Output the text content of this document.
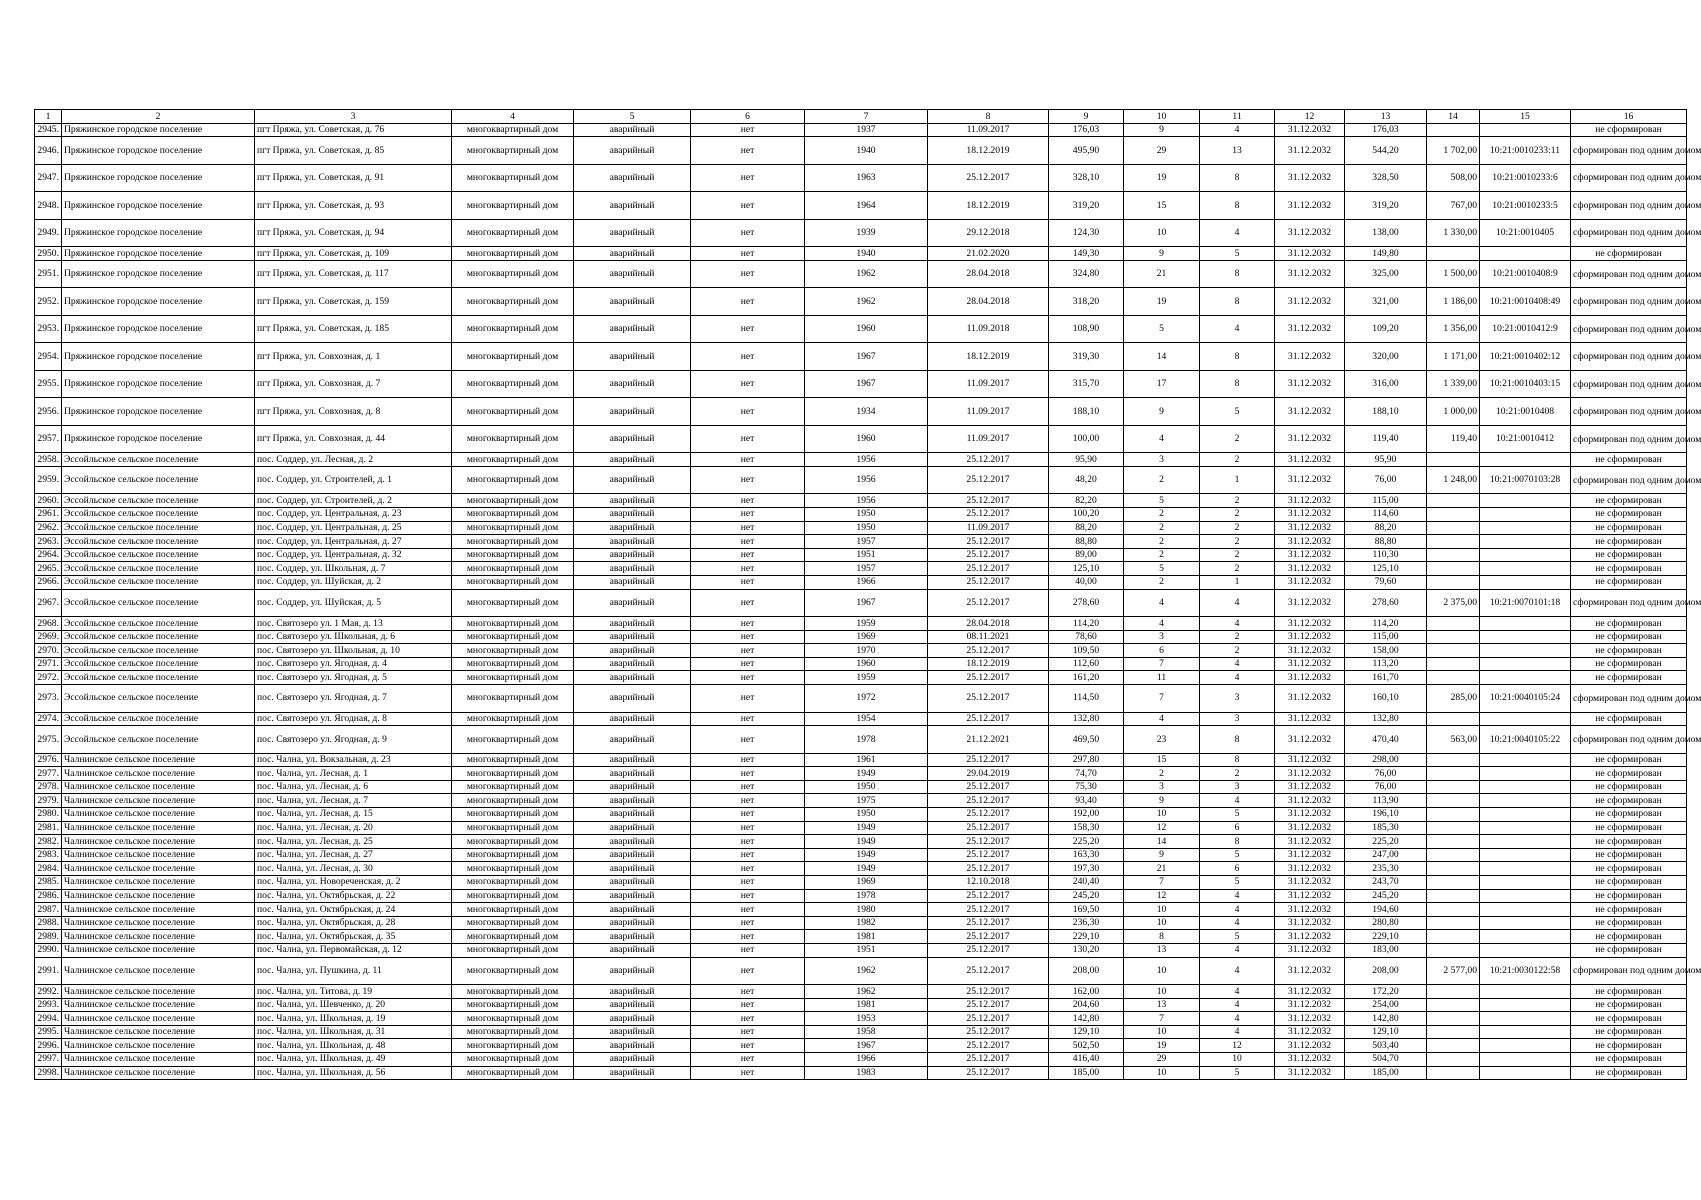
1	2	3	4	5	6	7	8	9	10	11	12	13	14	15	16
2945.	Пряжинское городское поселение	пгт Пряжа, ул. Советская, д. 76	многоквартирный дом	аварийный	нет	1937	11.09.2017	176,03	9	4	31.12.2032	176,03			не сформирован
2946.	Пряжинское городское поселение	пгт Пряжа, ул. Советская, д. 85	многоквартирный дом	аварийный	нет	1940	18.12.2019	495,90	29	13	31.12.2032	544,20	1 702,00	10:21:0010233:11	сформирован под одним домом
2947.	Пряжинское городское поселение	пгт Пряжа, ул. Советская, д. 91	многоквартирный дом	аварийный	нет	1963	25.12.2017	328,10	19	8	31.12.2032	328,50	508,00	10:21:0010233:6	сформирован под одним домом
2948.	Пряжинское городское поселение	пгт Пряжа, ул. Советская, д. 93	многоквартирный дом	аварийный	нет	1964	18.12.2019	319,20	15	8	31.12.2032	319,20	767,00	10:21:0010233:5	сформирован под одним домом
2949.	Пряжинское городское поселение	пгт Пряжа, ул. Советская, д. 94	многоквартирный дом	аварийный	нет	1939	29.12.2018	124,30	10	4	31.12.2032	138,00	1 330,00	10:21:0010405	сформирован под одним домом
2950.	Пряжинское городское поселение	пгт Пряжа, ул. Советская, д. 109	многоквартирный дом	аварийный	нет	1940	21.02.2020	149,30	9	5	31.12.2032	149,80			не сформирован
2951.	Пряжинское городское поселение	пгт Пряжа, ул. Советская, д. 117	многоквартирный дом	аварийный	нет	1962	28.04.2018	324,80	21	8	31.12.2032	325,00	1 500,00	10:21:0010408:9	сформирован под одним домом
2952.	Пряжинское городское поселение	пгт Пряжа, ул. Советская, д. 159	многоквартирный дом	аварийный	нет	1962	28.04.2018	318,20	19	8	31.12.2032	321,00	1 186,00	10:21:0010408:49	сформирован под одним домом
2953.	Пряжинское городское поселение	пгт Пряжа, ул. Советская, д. 185	многоквартирный дом	аварийный	нет	1960	11.09.2018	108,90	5	4	31.12.2032	109,20	1 356,00	10:21:0010412:9	сформирован под одним домом
2954.	Пряжинское городское поселение	пгт Пряжа, ул. Совхозная, д. 1	многоквартирный дом	аварийный	нет	1967	18.12.2019	319,30	14	8	31.12.2032	320,00	1 171,00	10:21:0010402:12	сформирован под одним домом
2955.	Пряжинское городское поселение	пгт Пряжа, ул. Совхозная, д. 7	многоквартирный дом	аварийный	нет	1967	11.09.2017	315,70	17	8	31.12.2032	316,00	1 339,00	10:21:0010403:15	сформирован под одним домом
2956.	Пряжинское городское поселение	пгт Пряжа, ул. Совхозная, д. 8	многоквартирный дом	аварийный	нет	1934	11.09.2017	188,10	9	5	31.12.2032	188,10	1 000,00	10:21:0010408	сформирован под одним домом
2957.	Пряжинское городское поселение	пгт Пряжа, ул. Совхозная, д. 44	многоквартирный дом	аварийный	нет	1960	11.09.2017	100,00	4	2	31.12.2032	119,40	119,40	10:21:0010412	сформирован под одним домом
2958.	Эссойльское сельское поселение	пос. Соддер, ул. Лесная, д. 2	многоквартирный дом	аварийный	нет	1956	25.12.2017	95,90	3	2	31.12.2032	95,90			не сформирован
2959.	Эссойльское сельское поселение	пос. Соддер, ул. Строителей, д. 1	многоквартирный дом	аварийный	нет	1956	25.12.2017	48,20	2	1	31.12.2032	76,00	1 248,00	10:21:0070103:28	сформирован под одним домом
2960.	Эссойльское сельское поселение	пос. Соддер, ул. Строителей, д. 2	многоквартирный дом	аварийный	нет	1956	25.12.2017	82,20	5	2	31.12.2032	115,00			не сформирован
2961.	Эссойльское сельское поселение	пос. Соддер, ул. Центральная, д. 23	многоквартирный дом	аварийный	нет	1950	25.12.2017	100,20	2	2	31.12.2032	114,60			не сформирован
2962.	Эссойльское сельское поселение	пос. Соддер, ул. Центральная, д. 25	многоквартирный дом	аварийный	нет	1950	11.09.2017	88,20	2	2	31.12.2032	88,20			не сформирован
2963.	Эссойльское сельское поселение	пос. Соддер, ул. Центральная, д. 27	многоквартирный дом	аварийный	нет	1957	25.12.2017	88,80	2	2	31.12.2032	88,80			не сформирован
2964.	Эссойльское сельское поселение	пос. Соддер, ул. Центральная, д. 32	многоквартирный дом	аварийный	нет	1951	25.12.2017	89,00	2	2	31.12.2032	110,30			не сформирован
2965.	Эссойльское сельское поселение	пос. Соддер, ул. Школьная, д. 7	многоквартирный дом	аварийный	нет	1957	25.12.2017	125,10	5	2	31.12.2032	125,10			не сформирован
2966.	Эссойльское сельское поселение	пос. Соддер, ул. Шуйская, д. 2	многоквартирный дом	аварийный	нет	1966	25.12.2017	40,00	2	1	31.12.2032	79,60			не сформирован
2967.	Эссойльское сельское поселение	пос. Соддер, ул. Шуйская, д. 5	многоквартирный дом	аварийный	нет	1967	25.12.2017	278,60	4	4	31.12.2032	278,60	2 375,00	10:21:0070101:18	сформирован под одним домом
2968.	Эссойльское сельское поселение	пос. Святозеро ул. 1 Мая, д. 13	многоквартирный дом	аварийный	нет	1959	28.04.2018	114,20	4	4	31.12.2032	114,20			не сформирован
2969.	Эссойльское сельское поселение	пос. Святозеро ул. Школьная, д. 6	многоквартирный дом	аварийный	нет	1969	08.11.2021	78,60	3	2	31.12.2032	115,00			не сформирован
2970.	Эссойльское сельское поселение	пос. Святозеро ул. Школьная, д. 10	многоквартирный дом	аварийный	нет	1970	25.12.2017	109,50	6	2	31.12.2032	158,00			не сформирован
2971.	Эссойльское сельское поселение	пос. Святозеро ул. Ягодная, д. 4	многоквартирный дом	аварийный	нет	1960	18.12.2019	112,60	7	4	31.12.2032	113,20			не сформирован
2972.	Эссойльское сельское поселение	пос. Святозеро ул. Ягодная, д. 5	многоквартирный дом	аварийный	нет	1959	25.12.2017	161,20	11	4	31.12.2032	161,70			не сформирован
2973.	Эссойльское сельское поселение	пос. Святозеро ул. Ягодная, д. 7	многоквартирный дом	аварийный	нет	1972	25.12.2017	114,50	7	3	31.12.2032	160,10	285,00	10:21:0040105:24	сформирован под одним домом
2974.	Эссойльское сельское поселение	пос. Святозеро ул. Ягодная, д. 8	многоквартирный дом	аварийный	нет	1954	25.12.2017	132,80	4	3	31.12.2032	132,80			не сформирован
2975.	Эссойльское сельское поселение	пос. Святозеро ул. Ягодная, д. 9	многоквартирный дом	аварийный	нет	1978	21.12.2021	469,50	23	8	31.12.2032	470,40	563,00	10:21:0040105:22	сформирован под одним домом
2976.	Чалнинское сельское поселение	пос. Чална, ул. Вокзальная, д. 23	многоквартирный дом	аварийный	нет	1961	25.12.2017	297,80	15	8	31.12.2032	298,00			не сформирован
2977.	Чалнинское сельское поселение	пос. Чална, ул. Лесная, д. 1	многоквартирный дом	аварийный	нет	1949	29.04.2019	74,70	2	2	31.12.2032	76,00			не сформирован
2978.	Чалнинское сельское поселение	пос. Чална, ул. Лесная, д. 6	многоквартирный дом	аварийный	нет	1950	25.12.2017	75,30	3	3	31.12.2032	76,00			не сформирован
2979.	Чалнинское сельское поселение	пос. Чална, ул. Лесная, д. 7	многоквартирный дом	аварийный	нет	1975	25.12.2017	93,40	9	4	31.12.2032	113,90			не сформирован
2980.	Чалнинское сельское поселение	пос. Чална, ул. Лесная, д. 15	многоквартирный дом	аварийный	нет	1950	25.12.2017	192,00	10	5	31.12.2032	196,10			не сформирован
2981.	Чалнинское сельское поселение	пос. Чална, ул. Лесная, д. 20	многоквартирный дом	аварийный	нет	1949	25.12.2017	158,30	12	6	31.12.2032	185,30			не сформирован
2982.	Чалнинское сельское поселение	пос. Чална, ул. Лесная, д. 25	многоквартирный дом	аварийный	нет	1949	25.12.2017	225,20	14	8	31.12.2032	225,20			не сформирован
2983.	Чалнинское сельское поселение	пос. Чална, ул. Лесная, д. 27	многоквартирный дом	аварийный	нет	1949	25.12.2017	163,30	9	5	31.12.2032	247,00			не сформирован
2984.	Чалнинское сельское поселение	пос. Чална, ул. Лесная, д. 30	многоквартирный дом	аварийный	нет	1949	25.12.2017	197,30	21	6	31.12.2032	235,30			не сформирован
2985.	Чалнинское сельское поселение	пос. Чална, ул. Новореченская, д. 2	многоквартирный дом	аварийный	нет	1969	12.10.2018	240,40	7	5	31.12.2032	243,70			не сформирован
2986.	Чалнинское сельское поселение	пос. Чална, ул. Октябрьская, д. 22	многоквартирный дом	аварийный	нет	1978	25.12.2017	245,20	12	4	31.12.2032	245,20			не сформирован
2987.	Чалнинское сельское поселение	пос. Чална, ул. Октябрьская, д. 24	многоквартирный дом	аварийный	нет	1980	25.12.2017	169,50	10	4	31.12.2032	194,60			не сформирован
2988.	Чалнинское сельское поселение	пос. Чална, ул. Октябрьская, д. 28	многоквартирный дом	аварийный	нет	1982	25.12.2017	236,30	10	4	31.12.2032	280,80			не сформирован
2989.	Чалнинское сельское поселение	пос. Чална, ул. Октябрьская, д. 35	многоквартирный дом	аварийный	нет	1981	25.12.2017	229,10	8	5	31.12.2032	229,10			не сформирован
2990.	Чалнинское сельское поселение	пос. Чална, ул. Первомайская, д. 12	многоквартирный дом	аварийный	нет	1951	25.12.2017	130,20	13	4	31.12.2032	183,00			не сформирован
2991.	Чалнинское сельское поселение	пос. Чална, ул. Пушкина, д. 11	многоквартирный дом	аварийный	нет	1962	25.12.2017	208,00	10	4	31.12.2032	208,00	2 577,00	10:21:0030122:58	сформирован под одним домом
2992.	Чалнинское сельское поселение	пос. Чална, ул. Титова, д. 19	многоквартирный дом	аварийный	нет	1962	25.12.2017	162,00	10	4	31.12.2032	172,20			не сформирован
2993.	Чалнинское сельское поселение	пос. Чална, ул. Шевченко, д. 20	многоквартирный дом	аварийный	нет	1981	25.12.2017	204,60	13	4	31.12.2032	254,00			не сформирован
2994.	Чалнинское сельское поселение	пос. Чална, ул. Школьная, д. 19	многоквартирный дом	аварийный	нет	1953	25.12.2017	142,80	7	4	31.12.2032	142,80			не сформирован
2995.	Чалнинское сельское поселение	пос. Чална, ул. Школьная, д. 31	многоквартирный дом	аварийный	нет	1958	25.12.2017	129,10	10	4	31.12.2032	129,10			не сформирован
2996.	Чалнинское сельское поселение	пос. Чална, ул. Школьная, д. 48	многоквартирный дом	аварийный	нет	1967	25.12.2017	502,50	19	12	31.12.2032	503,40			не сформирован
2997.	Чалнинское сельское поселение	пос. Чална, ул. Школьная, д. 49	многоквартирный дом	аварийный	нет	1966	25.12.2017	416,40	29	10	31.12.2032	504,70			не сформирован
2998.	Чалнинское сельское поселение	пос. Чална, ул. Школьная, д. 56	многоквартирный дом	аварийный	нет	1983	25.12.2017	185,00	10	5	31.12.2032	185,00			не сформирован
